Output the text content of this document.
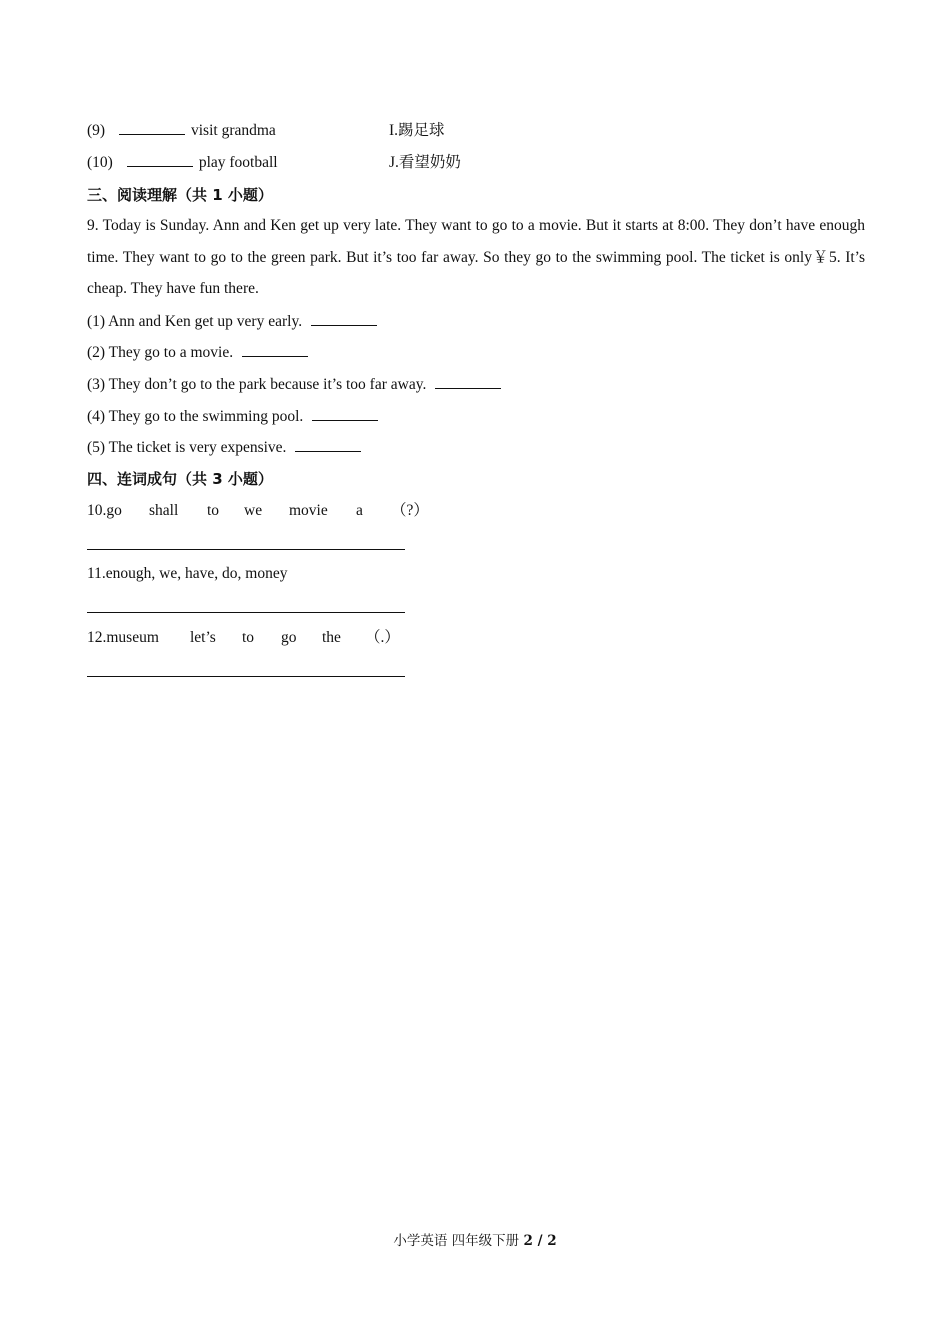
(9)	visit grandma	I.踢足球
(10)	play football	J.看望奶奶
三、阅读理解（共 1 小题）
9. Today is Sunday. Ann and Ken get up very late. They want to go to a movie. But it starts at 8:00. They don’t have enough time. They want to go to the green park. But it’s too far away. So they go to the swimming pool. The ticket is only￥5. It’s cheap. They have fun there.
(1) Ann and Ken get up very early.
(2) They go to a movie.
(3) They don’t go to the park because it’s too far away.
(4) They go to the swimming pool.
(5) The ticket is very expensive.
四、连词成句（共 3 小题）
10.go	shall	to	we	movie	a	（?）
11.enough, we, have, do, money
12.museum	let’s	to	go	the	（.）
小学英语 四年级下册 2 / 2
